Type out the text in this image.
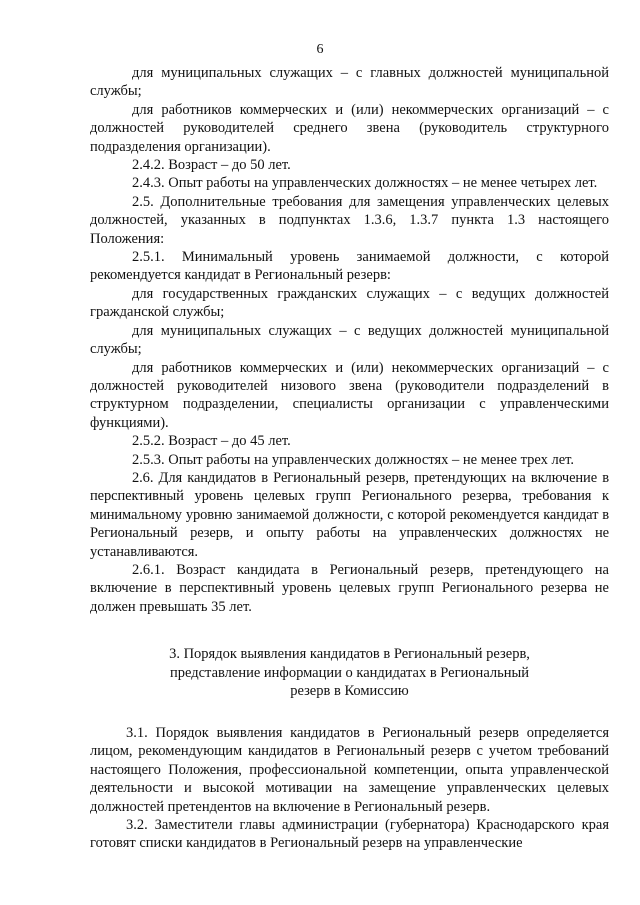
6

для муниципальных служащих – с главных должностей муниципальной службы;

для работников коммерческих и (или) некоммерческих организаций – с должностей руководителей среднего звена (руководитель структурного подразделения организации).

2.4.2. Возраст – до 50 лет.

2.4.3. Опыт работы на управленческих должностях – не менее четырех лет.

2.5. Дополнительные требования для замещения управленческих целевых должностей, указанных в подпунктах 1.3.6, 1.3.7 пункта 1.3 настоящего Положения:

2.5.1. Минимальный уровень занимаемой должности, с которой рекомендуется кандидат в Региональный резерв:

для государственных гражданских служащих – с ведущих должностей гражданской службы;

для муниципальных служащих – с ведущих должностей муниципальной службы;

для работников коммерческих и (или) некоммерческих организаций – с должностей руководителей низового звена (руководители подразделений в структурном подразделении, специалисты организации с управленческими функциями).

2.5.2. Возраст – до 45 лет.

2.5.3. Опыт работы на управленческих должностях – не менее трех лет.

2.6. Для кандидатов в Региональный резерв, претендующих на включение в перспективный уровень целевых групп Регионального резерва, требования к минимальному уровню занимаемой должности, с которой рекомендуется кандидат в Региональный резерв, и опыту работы на управленческих должностях не устанавливаются.

2.6.1. Возраст кандидата в Региональный резерв, претендующего на включение в перспективный уровень целевых групп Регионального резерва не должен превышать 35 лет.

3. Порядок выявления кандидатов в Региональный резерв,
представление информации о кандидатах в Региональный
резерв в Комиссию

3.1. Порядок выявления кандидатов в Региональный резерв определяется лицом, рекомендующим кандидатов в Региональный резерв с учетом требований настоящего Положения, профессиональной компетенции, опыта управленческой деятельности и высокой мотивации на замещение управленческих целевых должностей претендентов на включение в Региональный резерв.

3.2. Заместители главы администрации (губернатора) Краснодарского края готовят списки кандидатов в Региональный резерв на управленческие
